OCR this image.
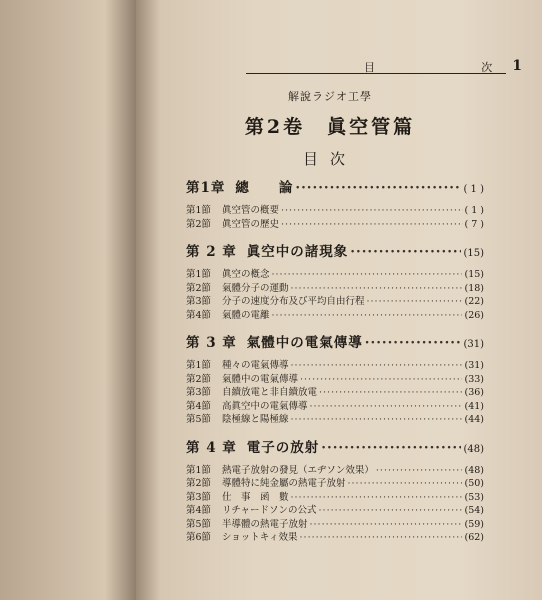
目	次 1
解說ラジオ工學
第2卷　眞空管篇
目次
第1章 總　　論 ·····	( 1 )
第1節	眞空管の槪要 ·····	( 1 )
第2節	眞空管の歷史 ·····	( 7 )
第 2 章 眞空中の諸現象 ·····	(15)
第1節	眞空の槪念 ·····	(15)
第2節	氣體分子の運動 ·····	(18)
第3節	分子の速度分布及び平均自由行程 ·····	(22)
第4節	氣體の電離 ·····	(26)
第 3 章 氣體中の電氣傳導 ·····	(31)
第1節	種々の電氣傳導 ·····	(31)
第2節	氣體中の電氣傳導 ·····	(33)
第3節	自續放電と非自續放電 ·····	(36)
第4節	高眞空中の電氣傳導 ·····	(41)
第5節	陰極線と陽極線 ·····	(44)
第 4 章 電子の放射 ·····	(48)
第1節	熱電子放射の發見（エヂソン效果） ·····	(48)
第2節	導體特に純金屬の熱電子放射 ·····	(50)
第3節	仕　事　函　數 ·····	(53)
第4節	リチャードソンの公式 ·····	(54)
第5節	半導體の熱電子放射 ·····	(59)
第6節	ショットキィ效果 ·····	(62)
